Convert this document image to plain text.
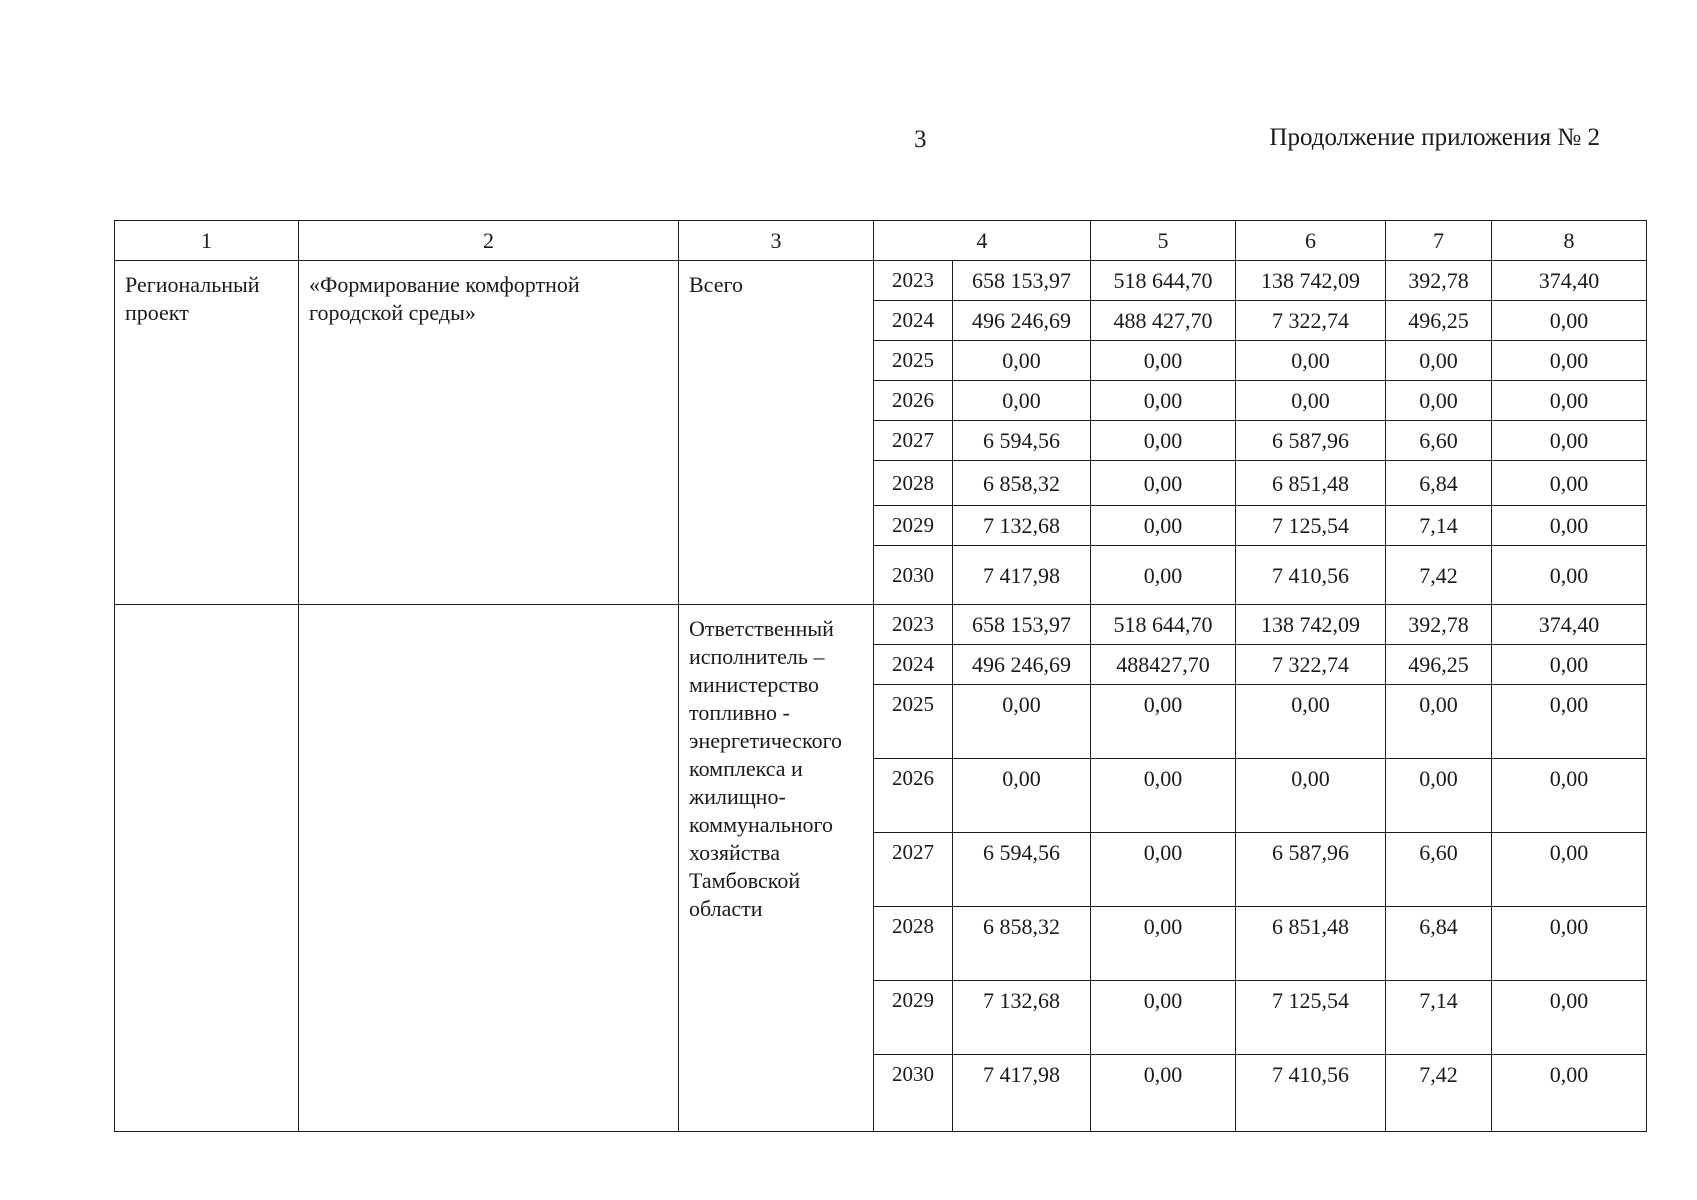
3	Продолжение приложения № 2
1	2	3	4		5	6	7	8
Региональный проект	«Формирование комфортной городской среды»	Всего	2023	658 153,97	518 644,70	138 742,09	392,78	374,40
			2024	496 246,69	488 427,70	7 322,74	496,25	0,00
			2025	0,00	0,00	0,00	0,00	0,00
			2026	0,00	0,00	0,00	0,00	0,00
			2027	6 594,56	0,00	6 587,96	6,60	0,00
			2028	6 858,32	0,00	6 851,48	6,84	0,00
			2029	7 132,68	0,00	7 125,54	7,14	0,00
			2030	7 417,98	0,00	7 410,56	7,42	0,00
		Ответственный исполнитель – министерство топливно - энергетического комплекса и жилищно-коммунального хозяйства Тамбовской области	2023	658 153,97	518 644,70	138 742,09	392,78	374,40
			2024	496 246,69	488427,70	7 322,74	496,25	0,00
			2025	0,00	0,00	0,00	0,00	0,00
			2026	0,00	0,00	0,00	0,00	0,00
			2027	6 594,56	0,00	6 587,96	6,60	0,00
			2028	6 858,32	0,00	6 851,48	6,84	0,00
			2029	7 132,68	0,00	7 125,54	7,14	0,00
			2030	7 417,98	0,00	7 410,56	7,42	0,00
